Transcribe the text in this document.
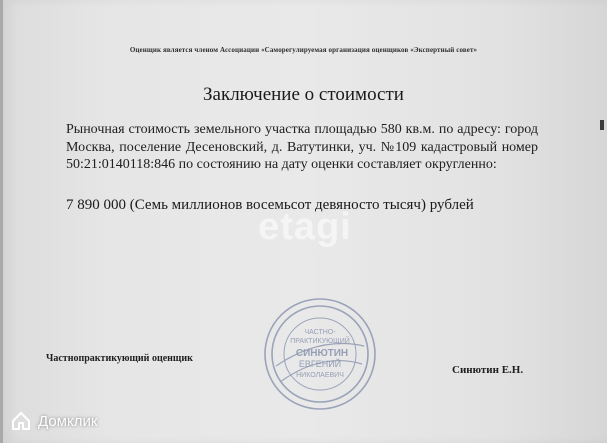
Оценщик является членом Ассоциации «Саморегулируемая организация оценщиков «Экспертный совет»
Заключение о стоимости
Рыночная стоимость земельного участка площадью 580 кв.м. по адресу: город Москва, поселение Десеновский, д. Ватутинки, уч. №109 кадастровый номер 50:21:0140118:846 по состоянию на дату оценки составляет округленно:
7 890 000 (Семь миллионов восемьсот девяносто тысяч) рублей
etagi
ЧАСТНО-
ПРАКТИКУЮЩИЙ
СИНЮТИН
ЕВГЕНИЙ
НИКОЛАЕВИЧ
Частнопрактикующий оценщик
Синютин Е.Н.
Домклик
